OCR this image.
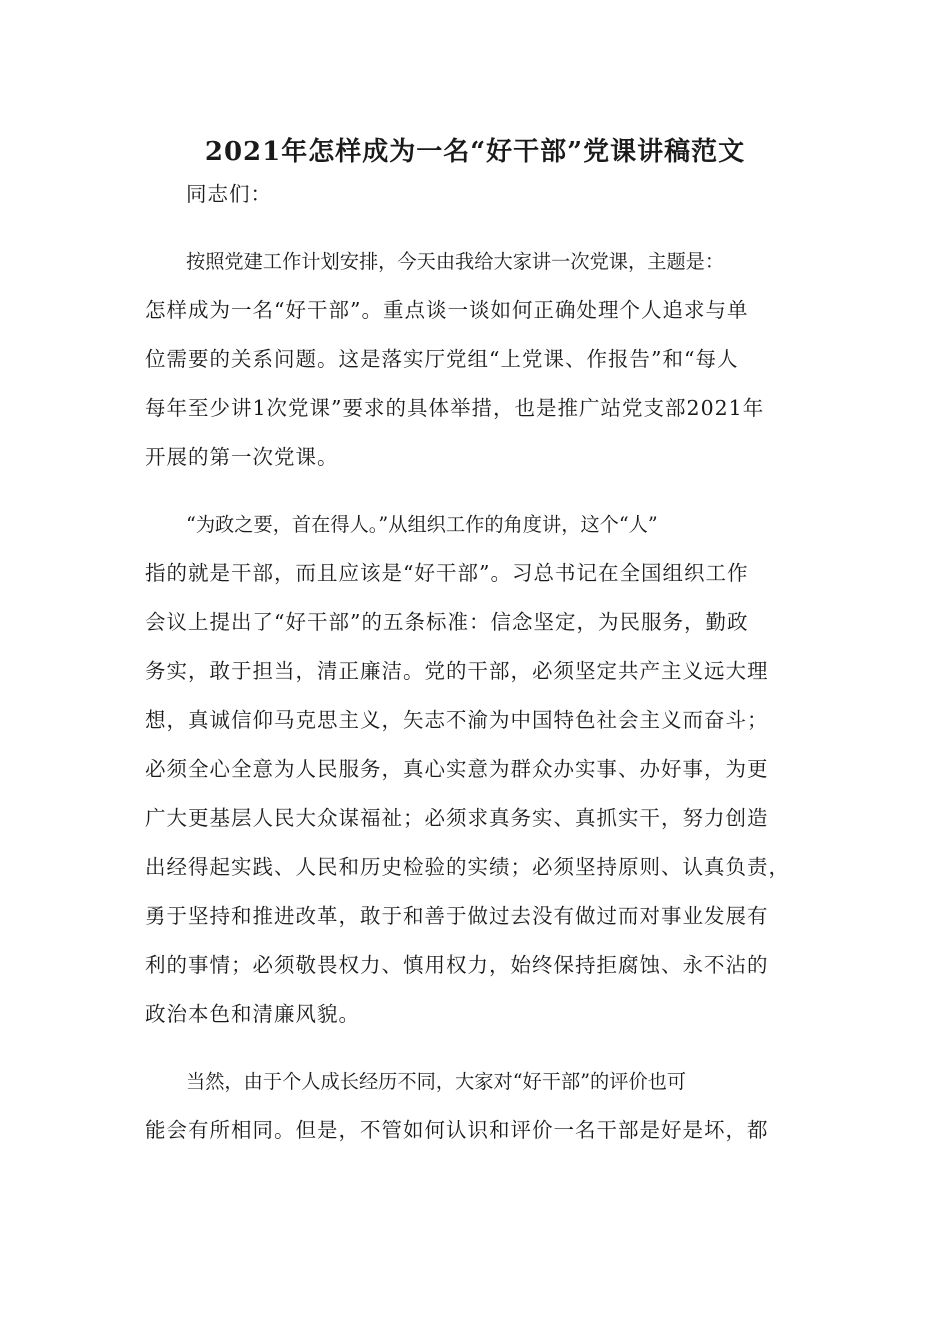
2021年怎样成为一名“好干部”党课讲稿范文

同志们：

按照党建工作计划安排，今天由我给大家讲一次党课，主题是：
怎样成为一名“好干部”。重点谈一谈如何正确处理个人追求与单
位需要的关系问题。这是落实厅党组“上党课、作报告”和“每人
每年至少讲1次党课”要求的具体举措，也是推广站党支部2021年
开展的第一次党课。

“为政之要，首在得人。”从组织工作的角度讲，这个“人”
指的就是干部，而且应该是“好干部”。习总书记在全国组织工作
会议上提出了“好干部”的五条标准：信念坚定，为民服务，勤政
务实，敢于担当，清正廉洁。党的干部，必须坚定共产主义远大理
想，真诚信仰马克思主义，矢志不渝为中国特色社会主义而奋斗；
必须全心全意为人民服务，真心实意为群众办实事、办好事，为更
广大更基层人民大众谋福祉；必须求真务实、真抓实干，努力创造
出经得起实践、人民和历史检验的实绩；必须坚持原则、认真负责，
勇于坚持和推进改革，敢于和善于做过去没有做过而对事业发展有
利的事情；必须敬畏权力、慎用权力，始终保持拒腐蚀、永不沾的
政治本色和清廉风貌。

当然，由于个人成长经历不同，大家对“好干部”的评价也可
能会有所相同。但是，不管如何认识和评价一名干部是好是坏，都
